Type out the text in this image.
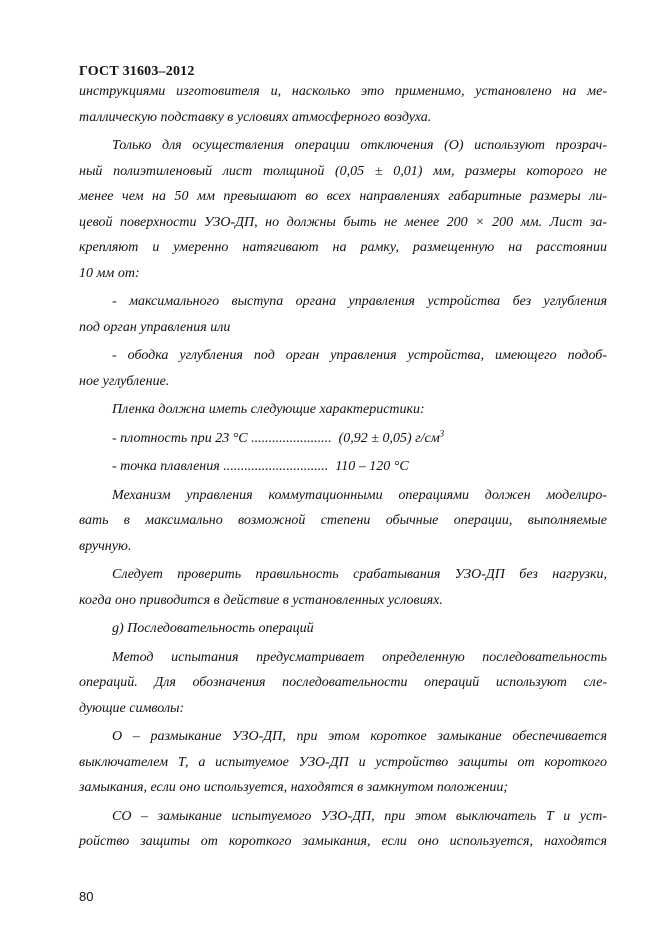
ГОСТ 31603–2012

инструкциями изготовителя и, насколько это применимо, установлено на ме-
таллическую подставку в условиях атмосферного воздуха.

Только для осуществления операции отключения (О) используют прозрач-
ный полиэтиленовый лист толщиной (0,05 ± 0,01) мм, размеры которого не
менее чем на 50 мм превышают во всех направлениях габаритные размеры ли-
цевой поверхности УЗО-ДП, но должны быть не менее 200 × 200 мм. Лист за-
крепляют и умеренно натягивают на рамку, размещенную на расстоянии
10 мм от:

- максимального выступа органа управления устройства без углубления
под орган управления или

- ободка углубления под орган управления устройства, имеющего подоб-
ное углубление.

Пленка должна иметь следующие характеристики:

- плотность при 23 °С ....................... (0,92 ± 0,05) $г/см^3$

- точка плавления .............................. 110 – 120 °С

Механизм управления коммутационными операциями должен моделиро-
вать в максимально возможной степени обычные операции, выполняемые
вручную.

Следует проверить правильность срабатывания УЗО-ДП без нагрузки,
когда оно приводится в действие в установленных условиях.

g) Последовательность операций

Метод испытания предусматривает определенную последовательность
операций. Для обозначения последовательности операций используют сле-
дующие символы:

О – размыкание УЗО-ДП, при этом короткое замыкание обеспечивается
выключателем Т, а испытуемое УЗО-ДП и устройство защиты от короткого
замыкания, если оно используется, находятся в замкнутом положении;

СО – замыкание испытуемого УЗО-ДП, при этом выключатель Т и уст-
ройство защиты от короткого замыкания, если оно используется, находятся

80
